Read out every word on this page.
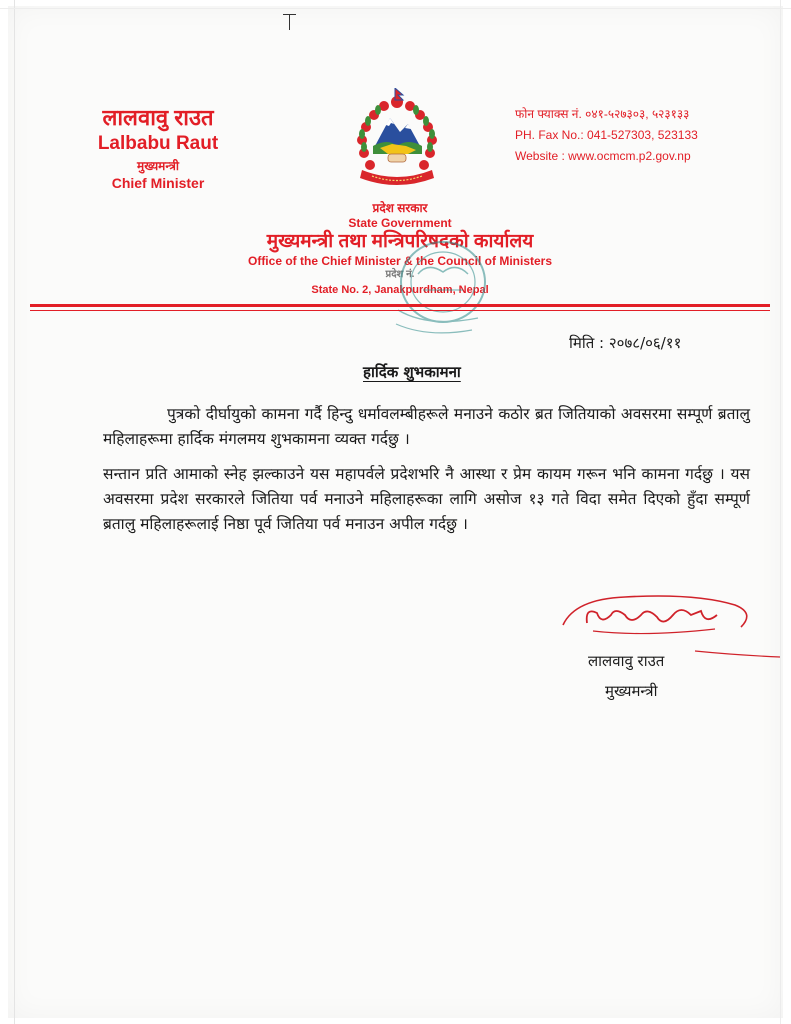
लालवावु राउत
Lalbabu Raut
मुख्यमन्त्री
Chief Minister
फोन फ्याक्स नं. ०४१-५२७३०३, ५२३१३३
PH. Fax No.: 041-527303, 523133
Website : www.ocmcm.p2.gov.np
प्रदेश सरकार
State Government
मुख्यमन्त्री तथा मन्त्रिपरिषदको कार्यालय
Office of the Chief Minister & the Council of Ministers
प्रदेश नं.
State No. 2, Janakpurdham, Nepal
मिति : २०७८/०६/११
हार्दिक शुभकामना
पुत्रको दीर्घायुको कामना गर्दै हिन्दु धर्मावलम्बीहरूले मनाउने कठोर ब्रत जितियाको अवसरमा सम्पूर्ण ब्रतालु महिलाहरूमा हार्दिक मंगलमय शुभकामना व्यक्त गर्दछु ।
सन्तान प्रति आमाको स्नेह झल्काउने यस महापर्वले प्रदेशभरि नै आस्था र प्रेम कायम गरून भनि कामना गर्दछु । यस अवसरमा प्रदेश सरकारले जितिया पर्व मनाउने महिलाहरूका लागि असोज १३ गते विदा समेत दिएको हुँदा सम्पूर्ण ब्रतालु महिलाहरूलाई निष्ठा पूर्व जितिया पर्व मनाउन अपील गर्दछु ।
लालवावु राउत
मुख्यमन्त्री
